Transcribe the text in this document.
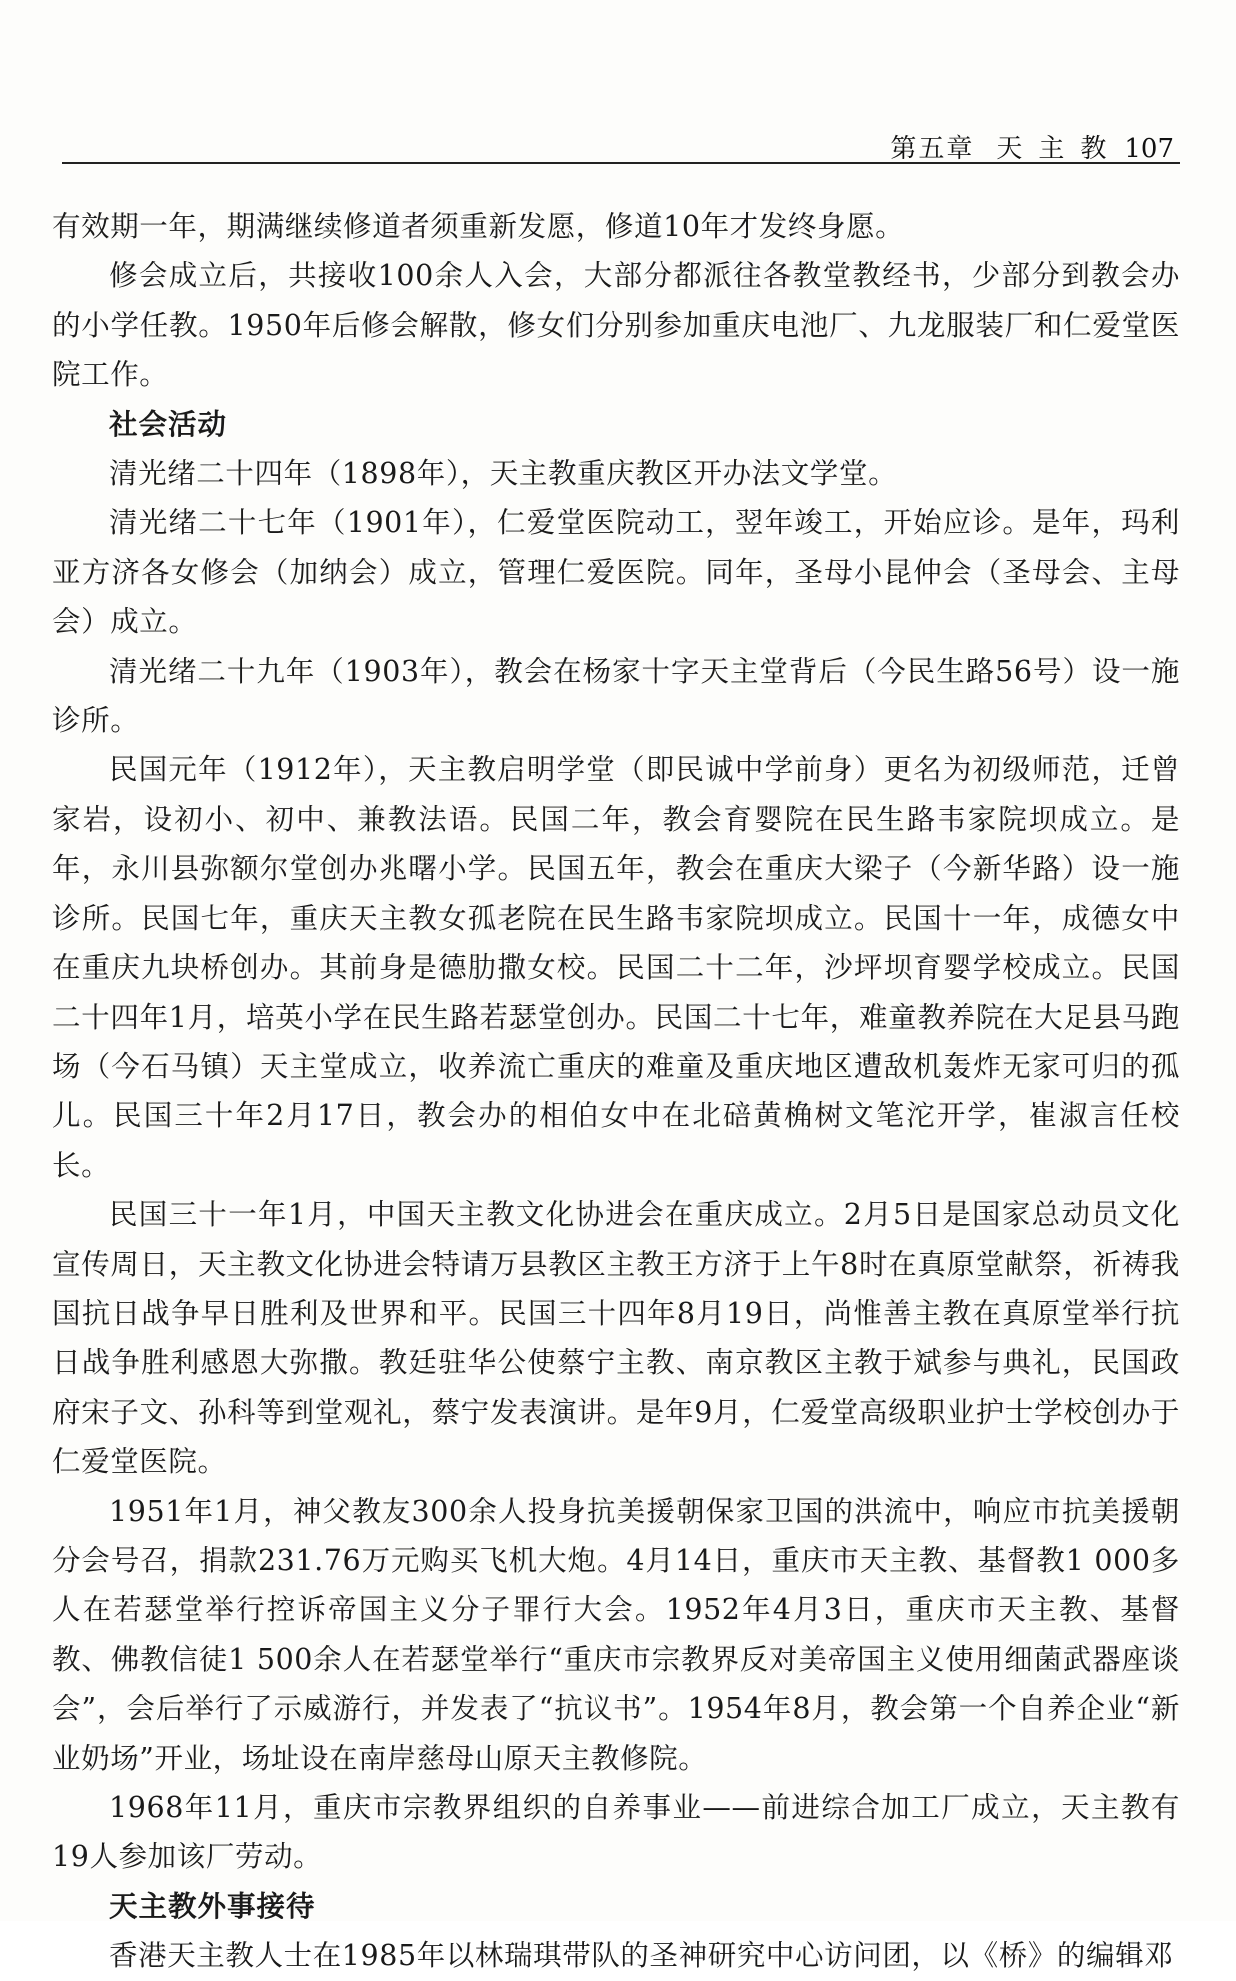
第五章 天主教107

有效期一年，期满继续修道者须重新发愿，修道10年才发终身愿。

修会成立后，共接收100余人入会，大部分都派往各教堂教经书，少部分到教会办的小学任教。1950年后修会解散，修女们分别参加重庆电池厂、九龙服装厂和仁爱堂医院工作。

社会活动

清光绪二十四年（1898年），天主教重庆教区开办法文学堂。

清光绪二十七年（1901年），仁爱堂医院动工，翌年竣工，开始应诊。是年，玛利亚方济各女修会（加纳会）成立，管理仁爱医院。同年，圣母小昆仲会（圣母会、主母会）成立。

清光绪二十九年（1903年），教会在杨家十字天主堂背后（今民生路56号）设一施诊所。

民国元年（1912年），天主教启明学堂（即民诚中学前身）更名为初级师范，迁曾家岩，设初小、初中、兼教法语。民国二年，教会育婴院在民生路韦家院坝成立。是年，永川县弥额尔堂创办兆曙小学。民国五年，教会在重庆大梁子（今新华路）设一施诊所。民国七年，重庆天主教女孤老院在民生路韦家院坝成立。民国十一年，成德女中在重庆九块桥创办。其前身是德肋撒女校。民国二十二年，沙坪坝育婴学校成立。民国二十四年1月，培英小学在民生路若瑟堂创办。民国二十七年，难童教养院在大足县马跑场（今石马镇）天主堂成立，收养流亡重庆的难童及重庆地区遭敌机轰炸无家可归的孤儿。民国三十年2月17日，教会办的相伯女中在北碚黄桷树文笔沱开学，崔淑言任校长。

民国三十一年1月，中国天主教文化协进会在重庆成立。2月5日是国家总动员文化宣传周日，天主教文化协进会特请万县教区主教王方济于上午8时在真原堂献祭，祈祷我国抗日战争早日胜利及世界和平。民国三十四年8月19日，尚惟善主教在真原堂举行抗日战争胜利感恩大弥撒。教廷驻华公使蔡宁主教、南京教区主教于斌参与典礼，民国政府宋子文、孙科等到堂观礼，蔡宁发表演讲。是年9月，仁爱堂高级职业护士学校创办于仁爱堂医院。

1951年1月，神父教友300余人投身抗美援朝保家卫国的洪流中，响应市抗美援朝分会号召，捐款231.76万元购买飞机大炮。4月14日，重庆市天主教、基督教1 000多人在若瑟堂举行控诉帝国主义分子罪行大会。1952年4月3日，重庆市天主教、基督教、佛教信徒1 500余人在若瑟堂举行“重庆市宗教界反对美帝国主义使用细菌武器座谈会”，会后举行了示威游行，并发表了“抗议书”。1954年8月，教会第一个自养企业“新业奶场”开业，场址设在南岸慈母山原天主教修院。

1968年11月，重庆市宗教界组织的自养事业——前进综合加工厂成立，天主教有19人参加该厂劳动。

天主教外事接待

香港天主教人士在1985年以林瑞琪带队的圣神研究中心访问团，以《桥》的编辑邓
